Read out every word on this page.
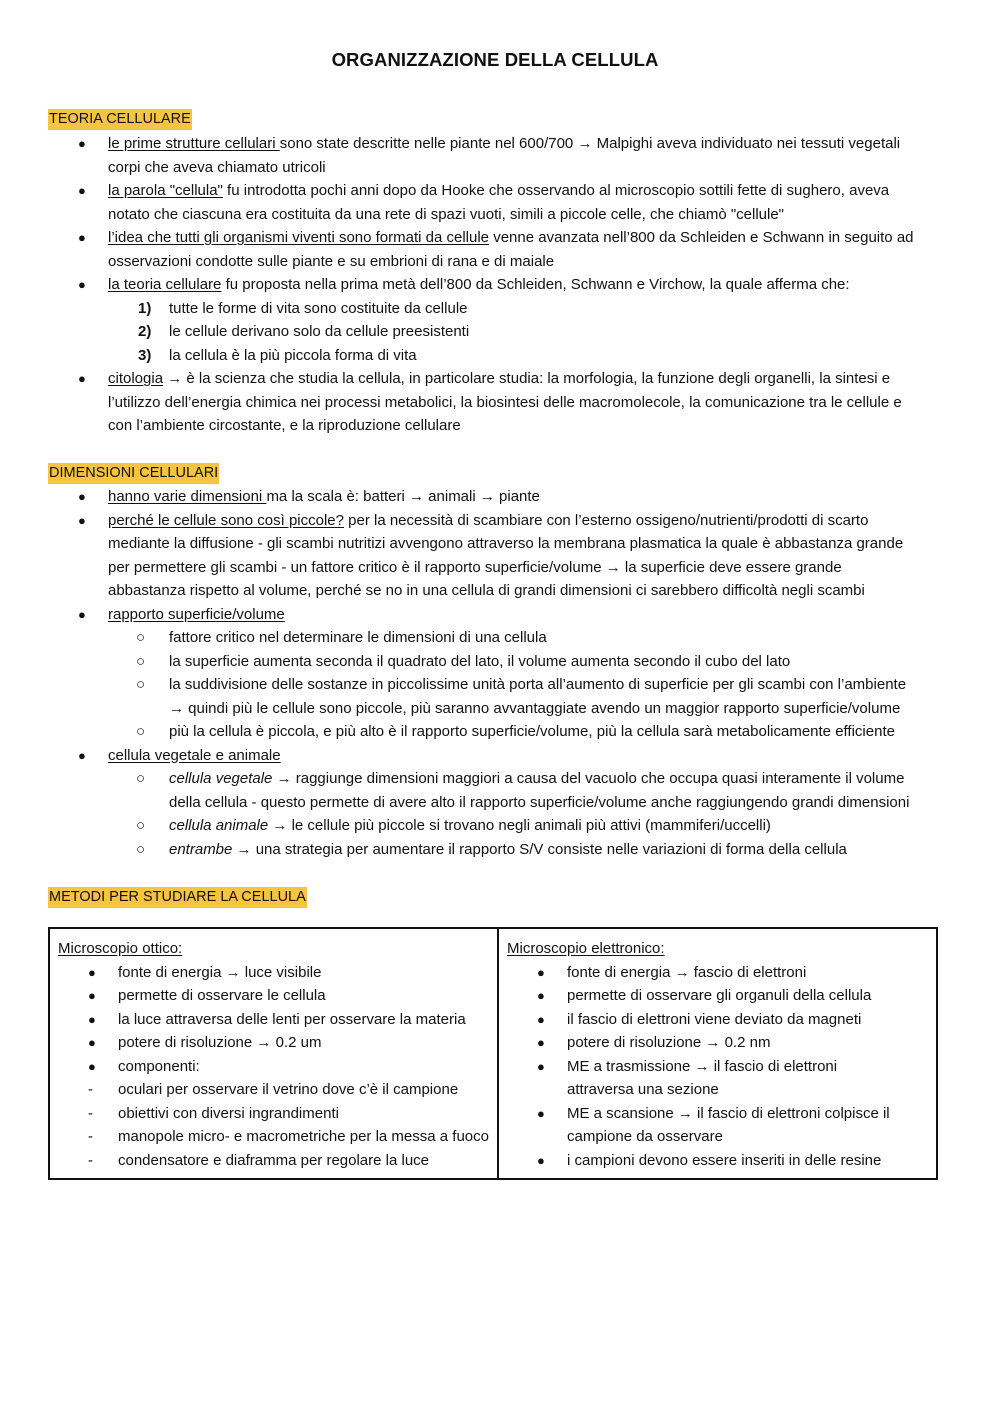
ORGANIZZAZIONE DELLA CELLULA
TEORIA CELLULARE
● le prime strutture cellulari sono state descritte nelle piante nel 600/700 → Malpighi aveva individuato nei tessuti vegetali
corpi che aveva chiamato utricoli
● la parola "cellula" fu introdotta pochi anni dopo da Hooke che osservando al microscopio sottili fette di sughero, aveva
notato che ciascuna era costituita da una rete di spazi vuoti, simili a piccole celle, che chiamò "cellule"
● l’idea che tutti gli organismi viventi sono formati da cellule venne avanzata nell’800 da Schleiden e Schwann in seguito ad
osservazioni condotte sulle piante e su embrioni di rana e di maiale
● la teoria cellulare fu proposta nella prima metà dell’800 da Schleiden, Schwann e Virchow, la quale afferma che:
1) tutte le forme di vita sono costituite da cellule
2) le cellule derivano solo da cellule preesistenti
3) la cellula è la più piccola forma di vita
● citologia → è la scienza che studia la cellula, in particolare studia: la morfologia, la funzione degli organelli, la sintesi e
l’utilizzo dell’energia chimica nei processi metabolici, la biosintesi delle macromolecole, la comunicazione tra le cellule e
con l’ambiente circostante, e la riproduzione cellulare
DIMENSIONI CELLULARI
● hanno varie dimensioni ma la scala è: batteri → animali → piante
● perché le cellule sono così piccole? per la necessità di scambiare con l’esterno ossigeno/nutrienti/prodotti di scarto
mediante la diffusione - gli scambi nutritizi avvengono attraverso la membrana plasmatica la quale è abbastanza grande
per permettere gli scambi - un fattore critico è il rapporto superficie/volume → la superficie deve essere grande
abbastanza rispetto al volume, perché se no in una cellula di grandi dimensioni ci sarebbero difficoltà negli scambi
● rapporto superficie/volume
○ fattore critico nel determinare le dimensioni di una cellula
○ la superficie aumenta seconda il quadrato del lato, il volume aumenta secondo il cubo del lato
○ la suddivisione delle sostanze in piccolissime unità porta all’aumento di superficie per gli scambi con l’ambiente
→ quindi più le cellule sono piccole, più saranno avvantaggiate avendo un maggior rapporto superficie/volume
○ più la cellula è piccola, e più alto è il rapporto superficie/volume, più la cellula sarà metabolicamente efficiente
● cellula vegetale e animale
○ cellula vegetale → raggiunge dimensioni maggiori a causa del vacuolo che occupa quasi interamente il volume
della cellula - questo permette di avere alto il rapporto superficie/volume anche raggiungendo grandi dimensioni
○ cellula animale → le cellule più piccole si trovano negli animali più attivi (mammiferi/uccelli)
○ entrambe → una strategia per aumentare il rapporto S/V consiste nelle variazioni di forma della cellula
METODI PER STUDIARE LA CELLULA
Microscopio ottico:
● fonte di energia → luce visibile
● permette di osservare le cellula
● la luce attraversa delle lenti per osservare la materia
● potere di risoluzione → 0.2 um
● componenti:
- oculari per osservare il vetrino dove c’è il campione
- obiettivi con diversi ingrandimenti
- manopole micro- e macrometriche per la messa a fuoco
- condensatore e diaframma per regolare la luce

Microscopio elettronico:
● fonte di energia → fascio di elettroni
● permette di osservare gli organuli della cellula
● il fascio di elettroni viene deviato da magneti
● potere di risoluzione → 0.2 nm
● ME a trasmissione → il fascio di elettroni
attraversa una sezione
● ME a scansione → il fascio di elettroni colpisce il
campione da osservare
● i campioni devono essere inseriti in delle resine
